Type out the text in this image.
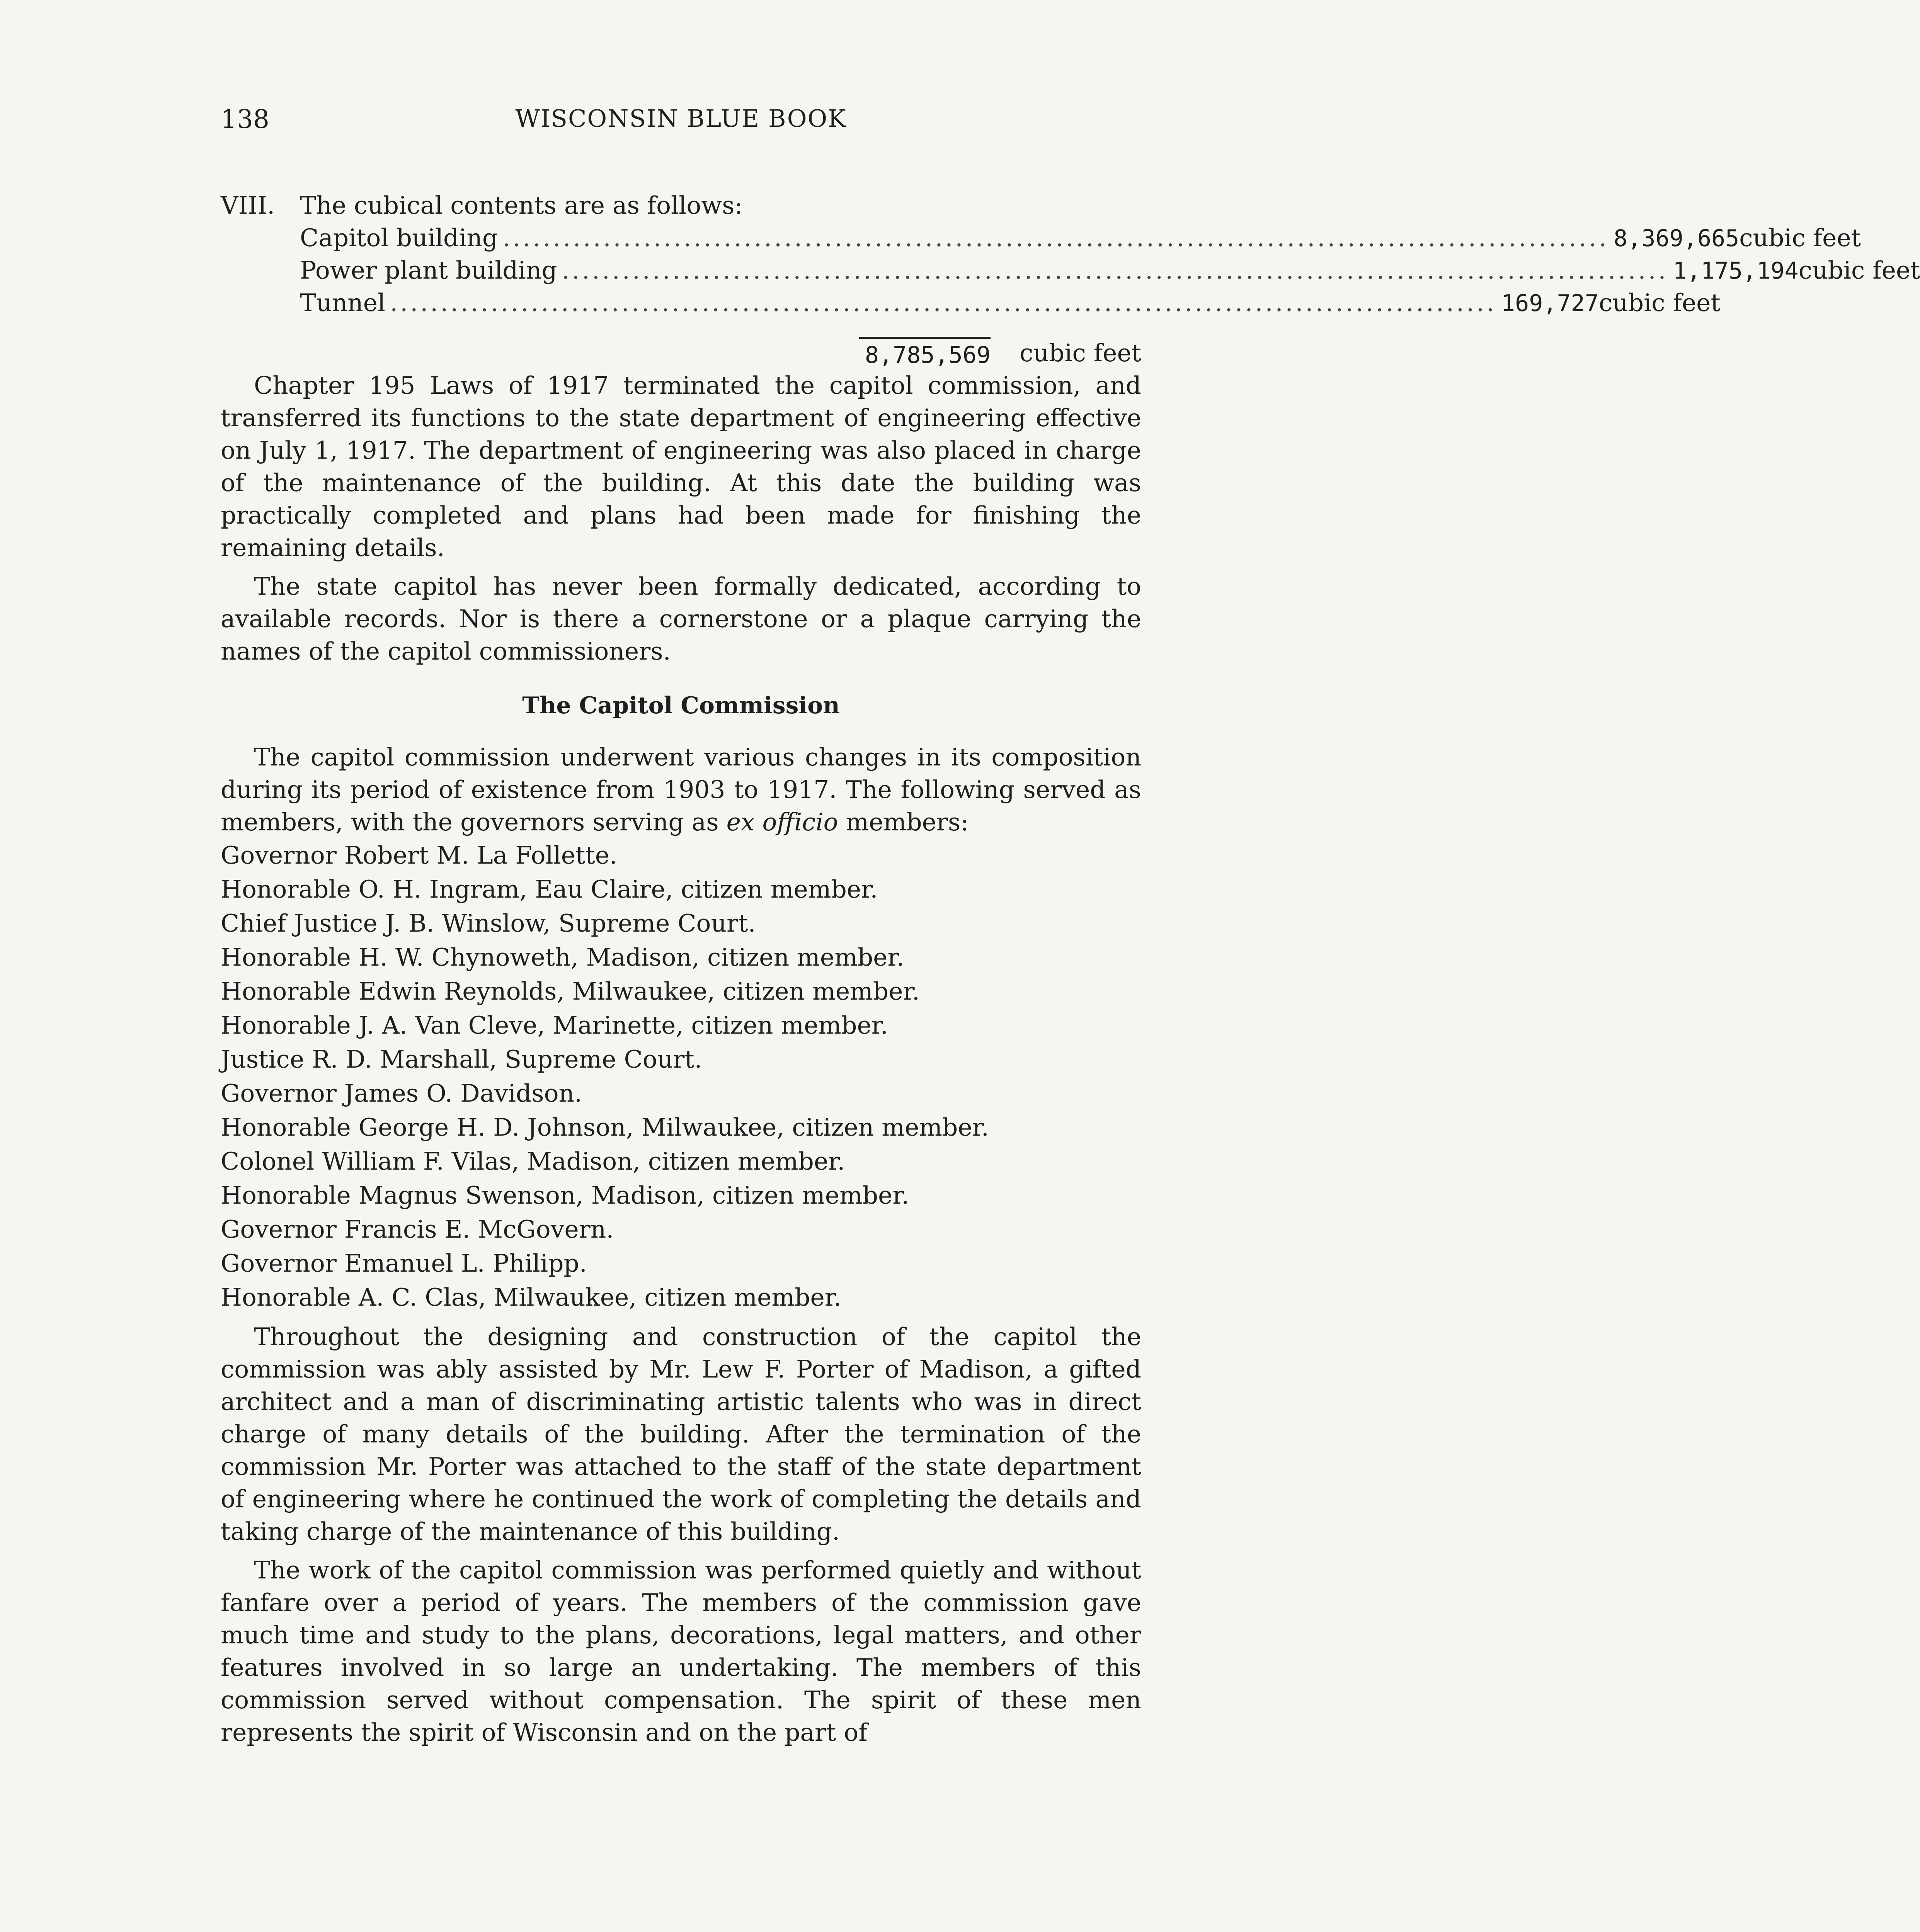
138	WISCONSIN BLUE BOOK
VIII.	The cubical contents are as follows:
Capitol building .............................................................................................................. 8,369,665 cubic feet
Power plant building .............................................................................................................. 1,175,194 cubic feet
Tunnel .............................................................................................................. 169,727 cubic feet
8,785,569	cubic feet

Chapter 195 Laws of 1917 terminated the capitol commission, and transferred its functions to the state department of engineering effective on July 1, 1917. The department of engineering was also placed in charge of the maintenance of the building. At this date the building was practically completed and plans had been made for finishing the remaining details.

The state capitol has never been formally dedicated, according to available records. Nor is there a cornerstone or a plaque carrying the names of the capitol commissioners.

The Capitol Commission

The capitol commission underwent various changes in its composition during its period of existence from 1903 to 1917. The following served as members, with the governors serving as ex officio members:

Governor Robert M. La Follette.
Honorable O. H. Ingram, Eau Claire, citizen member.
Chief Justice J. B. Winslow, Supreme Court.
Honorable H. W. Chynoweth, Madison, citizen member.
Honorable Edwin Reynolds, Milwaukee, citizen member.
Honorable J. A. Van Cleve, Marinette, citizen member.
Justice R. D. Marshall, Supreme Court.
Governor James O. Davidson.
Honorable George H. D. Johnson, Milwaukee, citizen member.
Colonel William F. Vilas, Madison, citizen member.
Honorable Magnus Swenson, Madison, citizen member.
Governor Francis E. McGovern.
Governor Emanuel L. Philipp.
Honorable A. C. Clas, Milwaukee, citizen member.

Throughout the designing and construction of the capitol the commission was ably assisted by Mr. Lew F. Porter of Madison, a gifted architect and a man of discriminating artistic talents who was in direct charge of many details of the building. After the termination of the commission Mr. Porter was attached to the staff of the state department of engineering where he continued the work of completing the details and taking charge of the maintenance of this building.

The work of the capitol commission was performed quietly and without fanfare over a period of years. The members of the commission gave much time and study to the plans, decorations, legal matters, and other features involved in so large an undertaking. The members of this commission served without compensation. The spirit of these men represents the spirit of Wisconsin and on the part of
